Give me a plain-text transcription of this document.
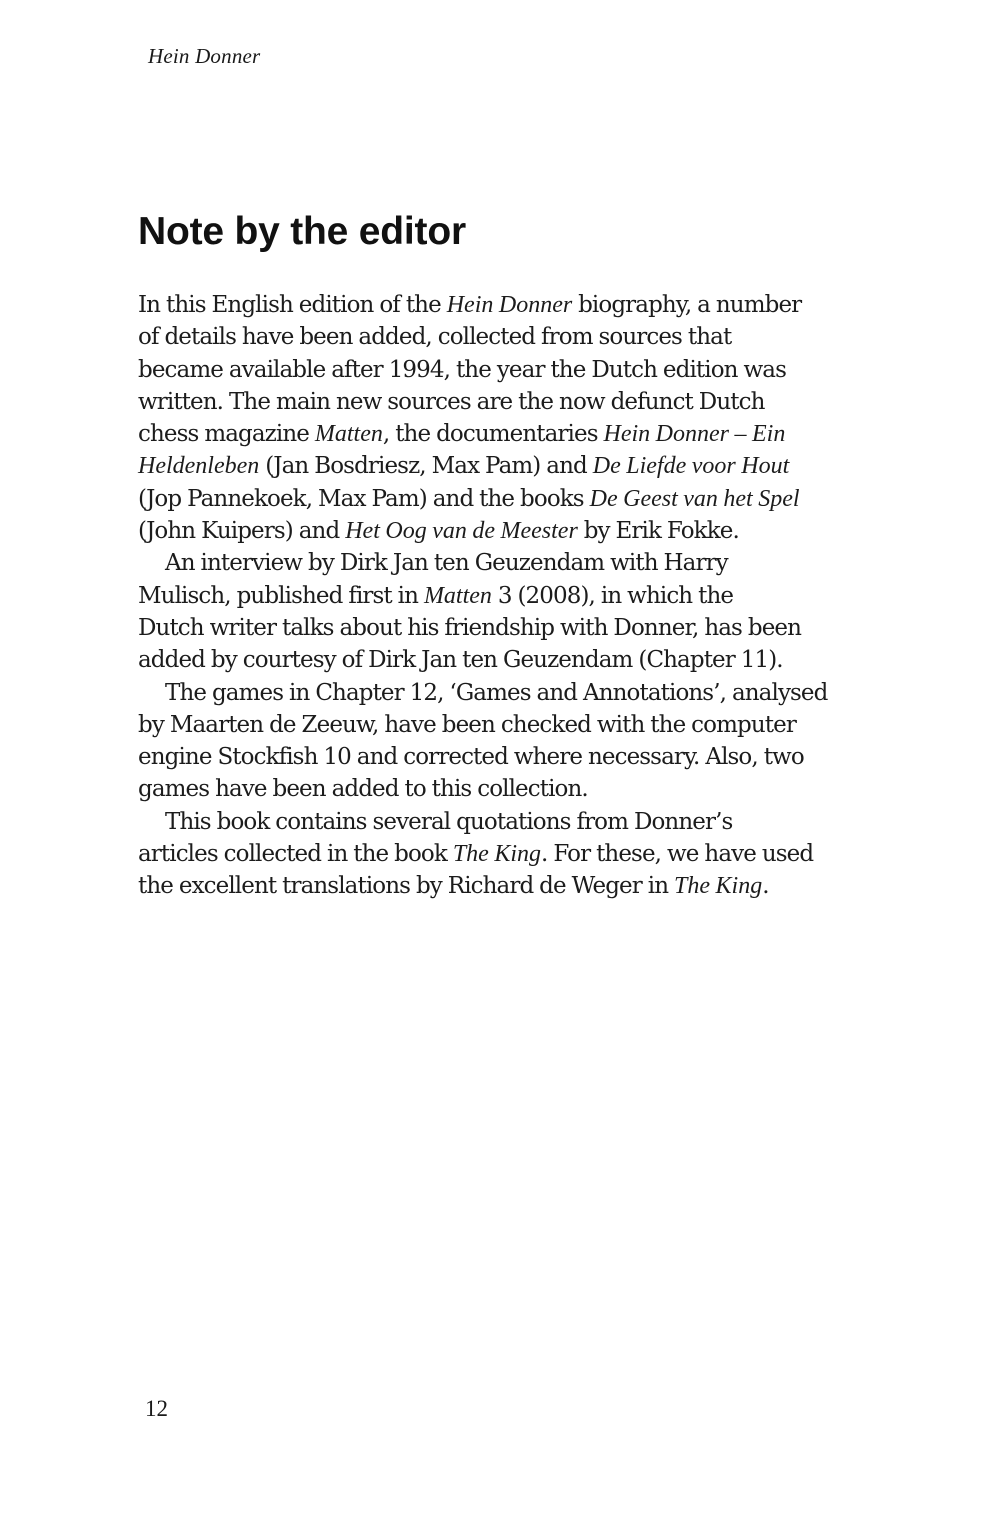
Hein Donner

Note by the editor

In this English edition of the Hein Donner biography, a number
of details have been added, collected from sources that
became available after 1994, the year the Dutch edition was
written. The main new sources are the now defunct Dutch
chess magazine Matten, the documentaries Hein Donner – Ein
Heldenleben (Jan Bosdriesz, Max Pam) and De Liefde voor Hout
(Jop Pannekoek, Max Pam) and the books De Geest van het Spel
(John Kuipers) and Het Oog van de Meester by Erik Fokke.

An interview by Dirk Jan ten Geuzendam with Harry
Mulisch, published first in Matten 3 (2008), in which the
Dutch writer talks about his friendship with Donner, has been
added by courtesy of Dirk Jan ten Geuzendam (Chapter 11).

The games in Chapter 12, ‘Games and Annotations’, analysed
by Maarten de Zeeuw, have been checked with the computer
engine Stockfish 10 and corrected where necessary. Also, two
games have been added to this collection.

This book contains several quotations from Donner’s
articles collected in the book The King. For these, we have used
the excellent translations by Richard de Weger in The King.

12
